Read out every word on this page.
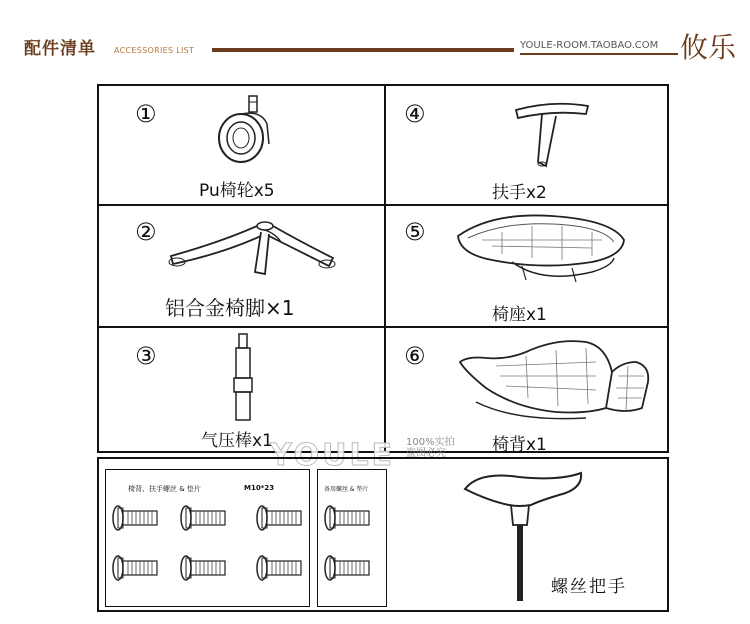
配件清单 ACCESSORIES LIST	YOULE-ROOM.TAOBAO.COM 攸乐
①
Pu椅轮x5
④
扶手x2
②
铝合金椅脚×1
⑤
椅座x1
③
气压棒x1
⑥
椅背x1
YOULE 100%实拍
盗图必究
椅背、扶手螺丝 & 垫片	M10*23	备用螺丝 & 垫片
螺丝把手
